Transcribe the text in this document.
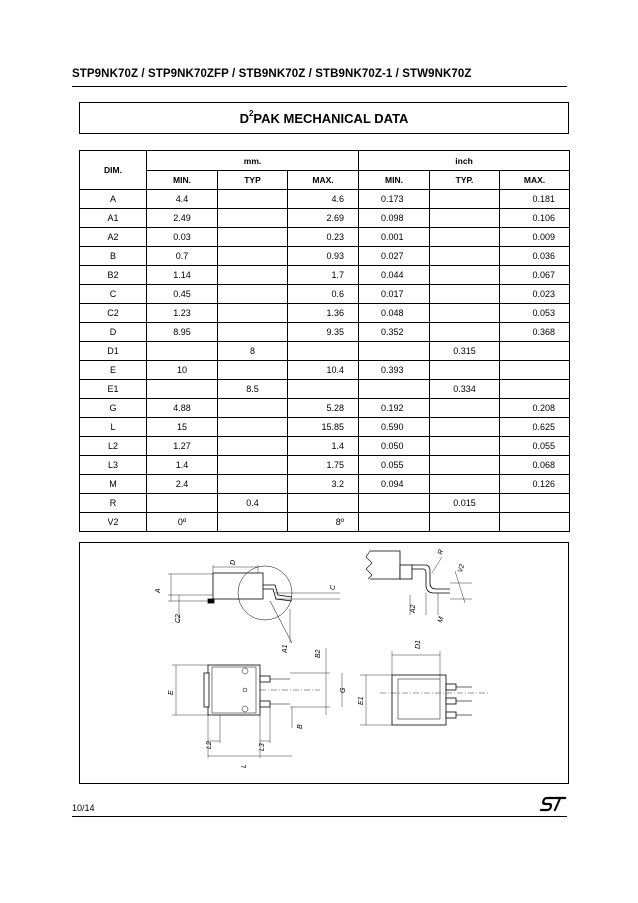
STP9NK70Z / STP9NK70ZFP / STB9NK70Z / STB9NK70Z-1 / STW9NK70Z
$D^2$ PAK MECHANICAL DATA
DIM.	mm.			inch		
	MIN.	TYP	MAX.	MIN.	TYP.	MAX.
A	4.4		4.6	0.173		0.181
A1	2.49		2.69	0.098		0.106
A2	0.03		0.23	0.001		0.009
B	0.7		0.93	0.027		0.036
B2	1.14		1.7	0.044		0.067
C	0.45		0.6	0.017		0.023
C2	1.23		1.36	0.048		0.053
D	8.95		9.35	0.352		0.368
D1		8			0.315	
E	10		10.4	0.393		
E1		8.5			0.334	
G	4.88		5.28	0.192		0.208
L	15		15.85	0.590		0.625
L2	1.27		1.4	0.050		0.055
L3	1.4		1.75	0.055		0.068
M	2.4		3.2	0.094		0.126
R		0.4			0.015	
V2	0º		8º			
A
C2
D
C
A1
R
V2
A2
M
B2
E	G
B
L2	L3
L
D1
E1
10/14
